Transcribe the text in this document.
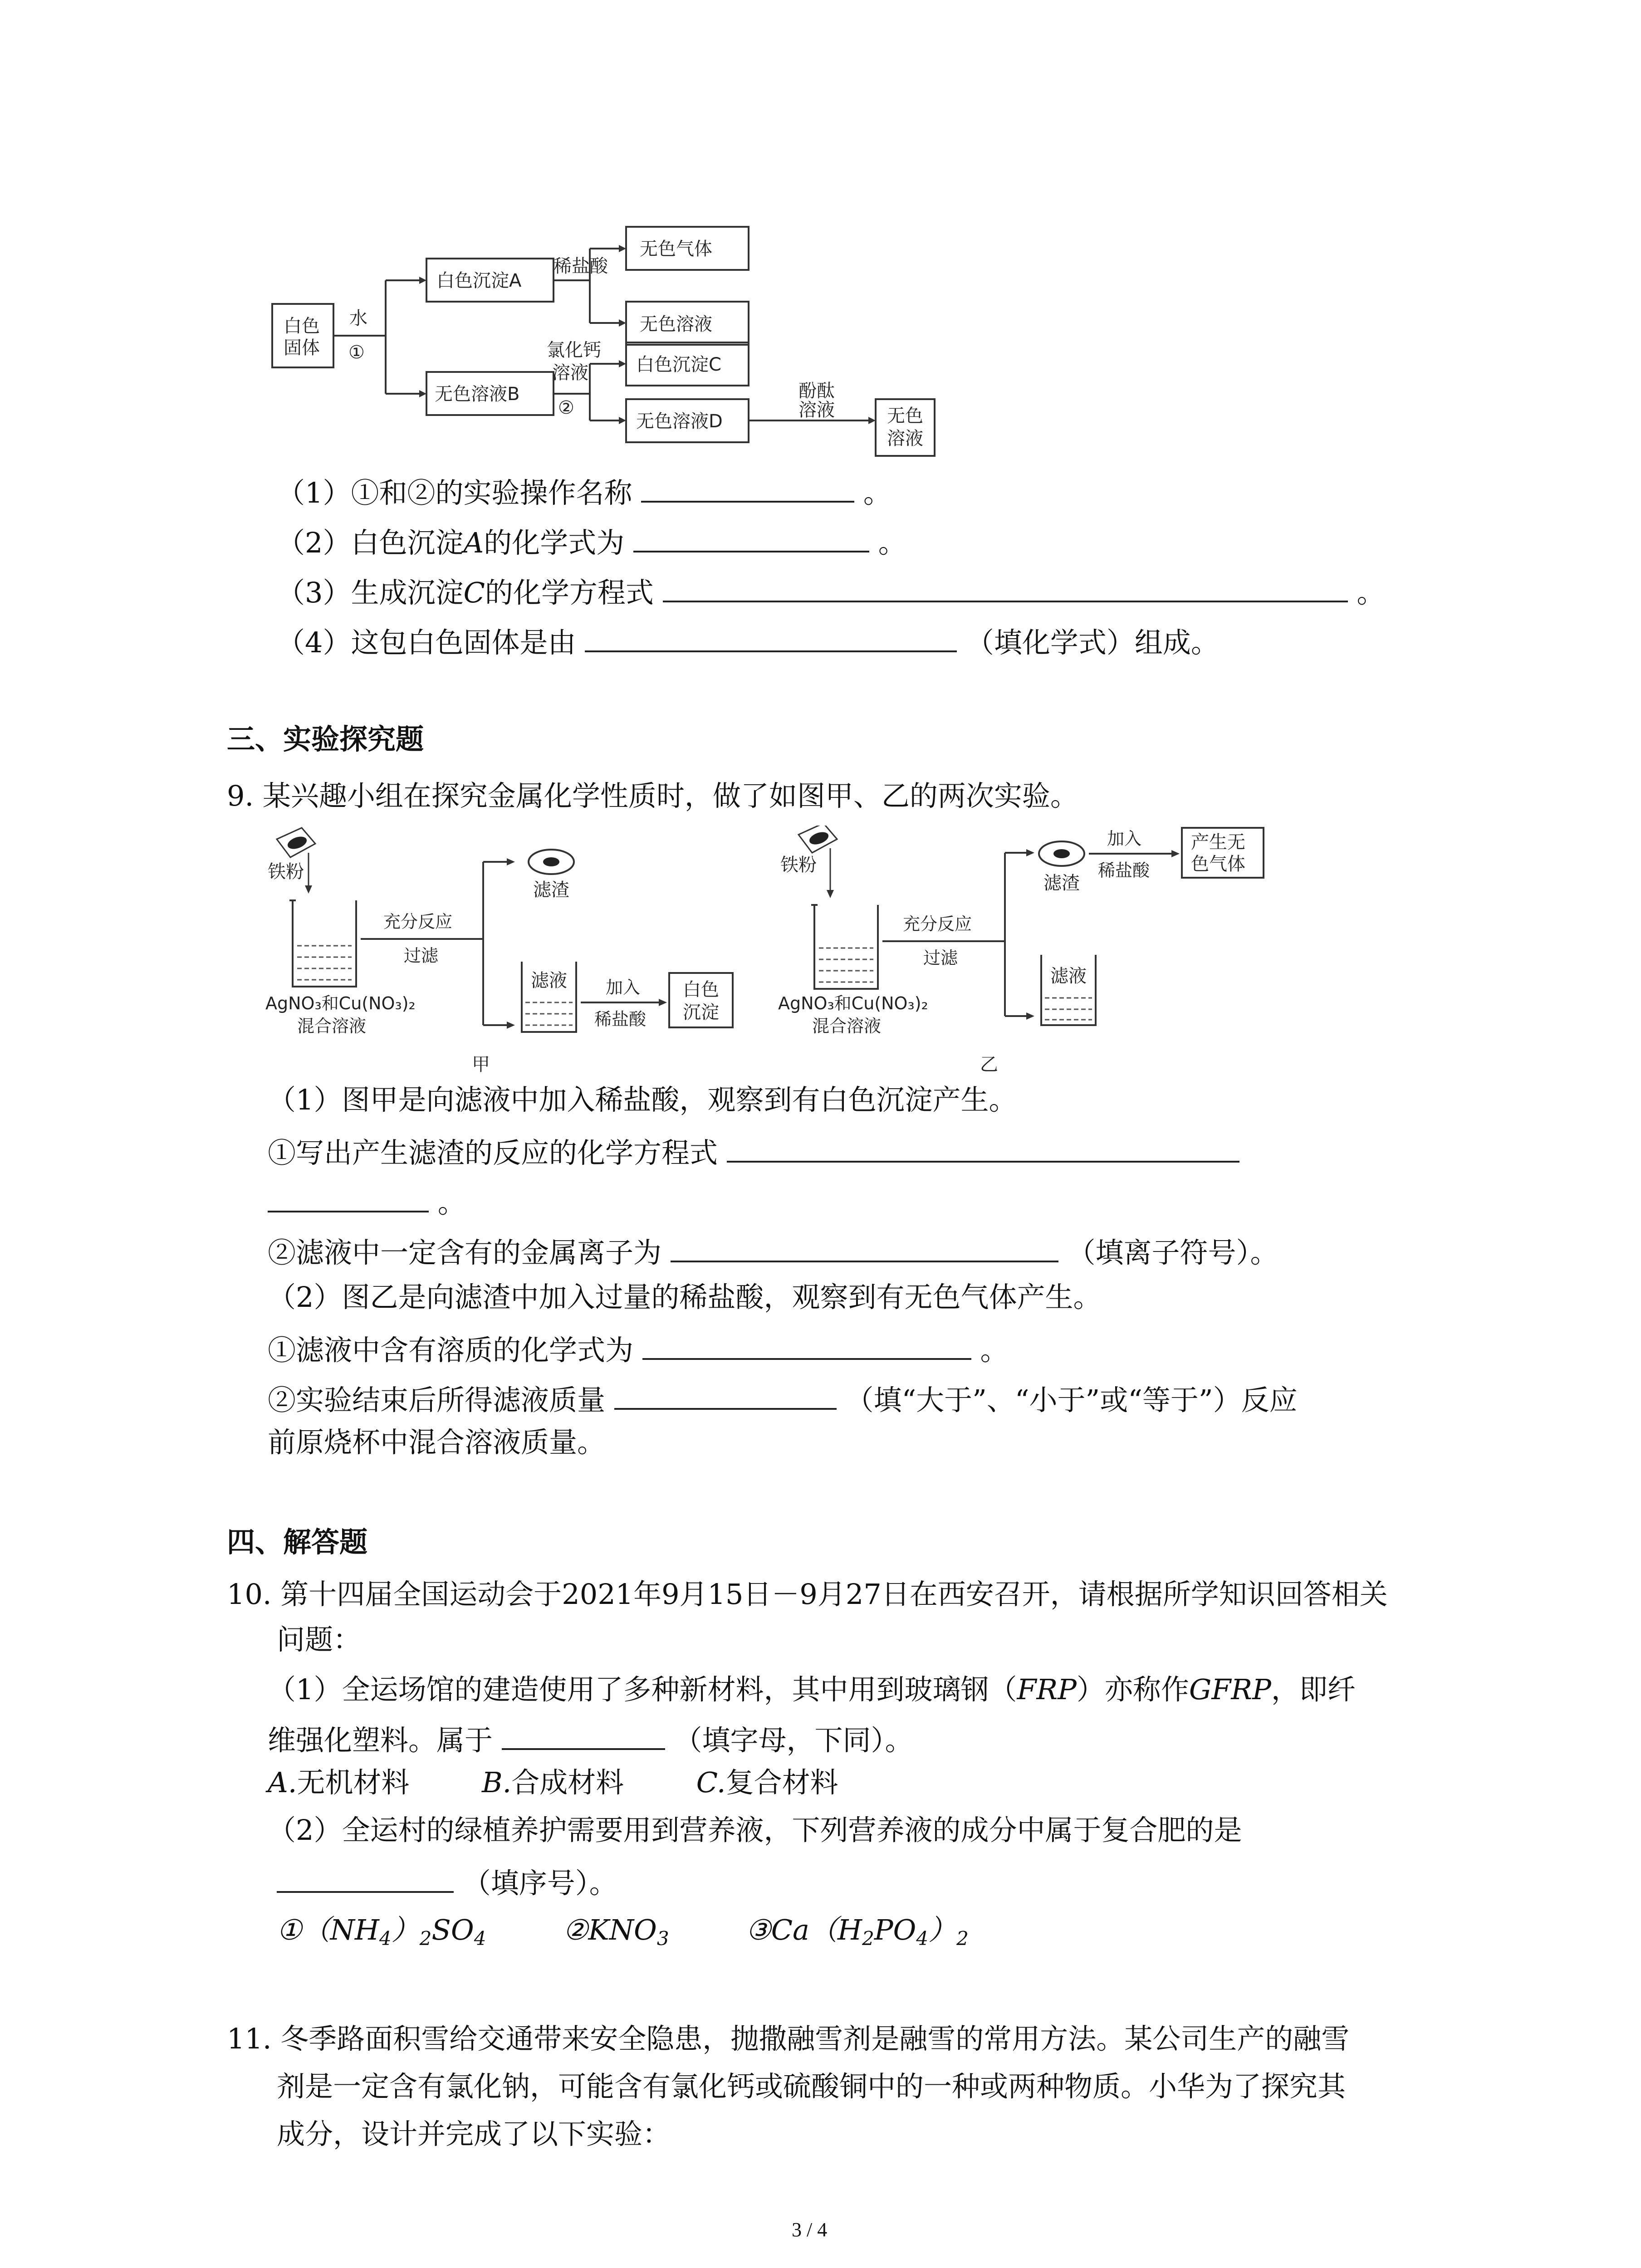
白色
固体
水
①
白色沉淀A
稀盐酸
无色气体
无色溶液
无色溶液B
氯化钙
溶液
②
白色沉淀C
无色溶液D
酚酞
溶液	无色
溶液
（1）①和②的实验操作名称	。
（2）白色沉淀A的化学式为	。
（3）生成沉淀C的化学方程式	。
（4）这包白色固体是由	（填化学式）组成。
三、实验探究题
9. 某兴趣小组在探究金属化学性质时，做了如图甲、乙的两次实验。
铁粉
AgNO₃和Cu(NO₃)₂
混合溶液
充分反应
过滤
滤渣
滤液 加入
稀盐酸
白色
沉淀
甲
铁粉
AgNO₃和Cu(NO₃)₂
混合溶液
充分反应
过滤
滤渣
加入
稀盐酸
产生无
色气体
滤液
乙
（1）图甲是向滤液中加入稀盐酸，观察到有白色沉淀产生。
①写出产生滤渣的反应的化学方程式
。
②滤液中一定含有的金属离子为	（填离子符号）。
（2）图乙是向滤渣中加入过量的稀盐酸，观察到有无色气体产生。
①滤液中含有溶质的化学式为	。
②实验结束后所得滤液质量	（填“大于”、“小于”或“等于”）反应
前原烧杯中混合溶液质量。
四、解答题
10. 第十四届全国运动会于2021年9月15日－9月27日在西安召开，请根据所学知识回答相关
问题：
（1）全运场馆的建造使用了多种新材料，其中用到玻璃钢（FRP）亦称作GFRP，即纤
维强化塑料。属于	（填字母，下同）。
A.无机材料	B.合成材料	C.复合材料
（2）全运村的绿植养护需要用到营养液，下列营养液的成分中属于复合肥的是
（填序号）。
$①(NH_4)_2SO_4$	$②KNO_3$	$③Ca(H_2PO_4)_2$
11. 冬季路面积雪给交通带来安全隐患，抛撒融雪剂是融雪的常用方法。某公司生产的融雪
剂是一定含有氯化钠，可能含有氯化钙或硫酸铜中的一种或两种物质。小华为了探究其
成分，设计并完成了以下实验：
3 / 4
